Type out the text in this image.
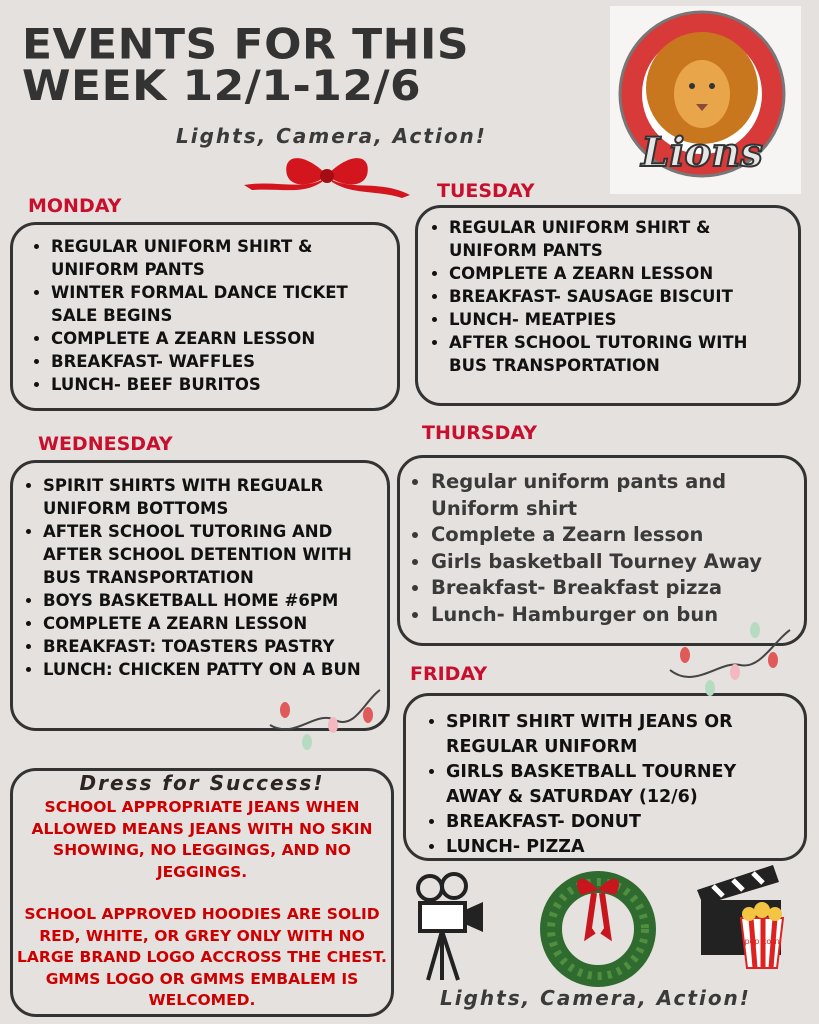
EVENTS FOR THIS
WEEK 12/1-12/6
Lights, Camera, Action!	Lions
MONDAY
• REGULAR UNIFORM SHIRT & UNIFORM PANTS
• WINTER FORMAL DANCE TICKET SALE BEGINS
• COMPLETE A ZEARN LESSON
• BREAKFAST- WAFFLES
• LUNCH- BEEF BURITOS
TUESDAY
• REGULAR UNIFORM SHIRT & UNIFORM PANTS
• COMPLETE A ZEARN LESSON
• BREAKFAST- SAUSAGE BISCUIT
• LUNCH- MEATPIES
• AFTER SCHOOL TUTORING WITH BUS TRANSPORTATION
WEDNESDAY
• SPIRIT SHIRTS WITH REGUALR UNIFORM BOTTOMS
• AFTER SCHOOL TUTORING AND AFTER SCHOOL DETENTION WITH BUS TRANSPORTATION
• BOYS BASKETBALL HOME #6PM
• COMPLETE A ZEARN LESSON
• BREAKFAST: TOASTERS PASTRY
• LUNCH: CHICKEN PATTY ON A BUN
THURSDAY
• Regular uniform pants and Uniform shirt
• Complete a Zearn lesson
• Girls basketball Tourney Away
• Breakfast- Breakfast pizza
• Lunch- Hamburger on bun
FRIDAY
• SPIRIT SHIRT WITH JEANS OR REGULAR UNIFORM
• GIRLS BASKETBALL TOURNEY AWAY & SATURDAY (12/6)
• BREAKFAST- DONUT
• LUNCH- PIZZA
Dress for Success!

SCHOOL APPROPRIATE JEANS WHEN ALLOWED MEANS JEANS WITH NO SKIN SHOWING, NO LEGGINGS, AND NO JEGGINGS.

SCHOOL APPROVED HOODIES ARE SOLID RED, WHITE, OR GREY ONLY WITH NO LARGE BRAND LOGO ACCROSS THE CHEST. GMMS LOGO OR GMMS EMBALEM IS WELCOMED.

pop corn
Lights, Camera, Action!
